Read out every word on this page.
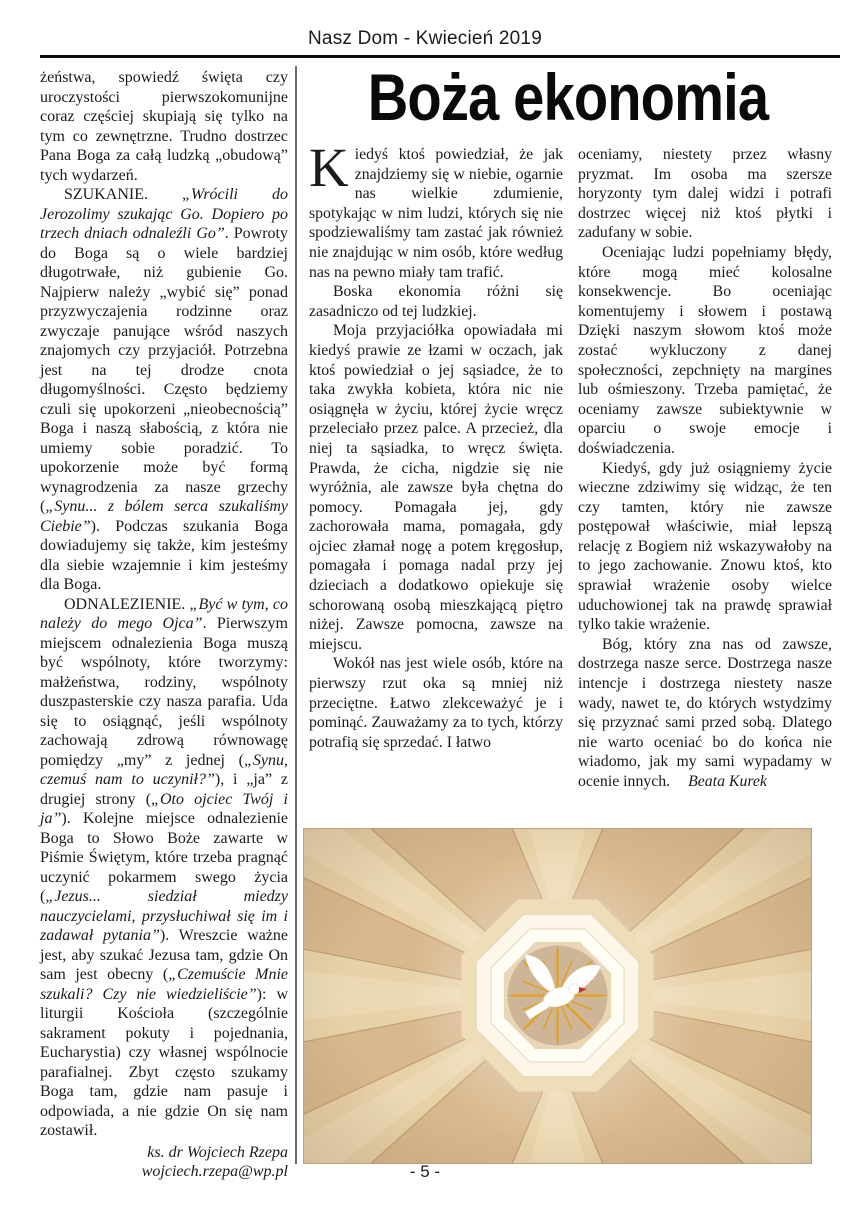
Nasz Dom - Kwiecień 2019
Boża ekonomia

żeństwa, spowiedź święta czy uroczystości pierwszokomunijne coraz częściej skupiają się tylko na tym co zewnętrzne. Trudno dostrzec Pana Boga za całą ludzką „obudową” tych wydarzeń.

SZUKANIE. „Wrócili do Jerozolimy szukając Go. Dopiero po trzech dniach odnaleźli Go”. Powroty do Boga są o wiele bardziej długotrwałe, niż gubienie Go. Najpierw należy „wybić się” ponad przyzwyczajenia rodzinne oraz zwyczaje panujące wśród naszych znajomych czy przyjaciół. Potrzebna jest na tej drodze cnota długomyślności. Często będziemy czuli się upokorzeni „nieobecnością” Boga i naszą słabością, z która nie umiemy sobie poradzić. To upokorzenie może być formą wynagrodzenia za nasze grzechy („Synu... z bólem serca szukaliśmy Ciebie”). Podczas szukania Boga dowiadujemy się także, kim jesteśmy dla siebie wzajemnie i kim jesteśmy dla Boga.

ODNALEZIENIE. „Być w tym, co należy do mego Ojca”. Pierwszym miejscem odnalezienia Boga muszą być wspólnoty, które tworzymy: małżeństwa, rodziny, wspólnoty duszpasterskie czy nasza parafia. Uda się to osiągnąć, jeśli wspólnoty zachowają zdrową równowagę pomiędzy „my” z jednej („Synu, czemuś nam to uczynił?”), i „ja” z drugiej strony („Oto ojciec Twój i ja”). Kolejne miejsce odnalezienie Boga to Słowo Boże zawarte w Piśmie Świętym, które trzeba pragnąć uczynić pokarmem swego życia („Jezus... siedział miedzy nauczycielami, przysłuchiwał się im i zadawał pytania”). Wreszcie ważne jest, aby szukać Jezusa tam, gdzie On sam jest obecny („Czemuście Mnie szukali? Czy nie wiedzieliście”): w liturgii Kościoła (szczególnie sakrament pokuty i pojednania, Eucharystia) czy własnej wspólnocie parafialnej. Zbyt często szukamy Boga tam, gdzie nam pasuje i odpowiada, a nie gdzie On się nam zostawił.

ks. dr Wojciech Rzepa
wojciech.rzepa@wp.pl

Kiedyś ktoś powiedział, że jak znajdziemy się w niebie, ogarnie nas wielkie zdumienie, spotykając w nim ludzi, których się nie spodziewaliśmy tam zastać jak również nie znajdując w nim osób, które według nas na pewno miały tam trafić.

Boska ekonomia różni się zasadniczo od tej ludzkiej.

Moja przyjaciółka opowiadała mi kiedyś prawie ze łzami w oczach, jak ktoś powiedział o jej sąsiadce, że to taka zwykła kobieta, która nic nie osiągnęła w życiu, której życie wręcz przeleciało przez palce. A przecież, dla niej ta sąsiadka, to wręcz święta. Prawda, że cicha, nigdzie się nie wyróżnia, ale zawsze była chętna do pomocy. Pomagała jej, gdy zachorowała mama, pomagała, gdy ojciec złamał nogę a potem kręgosłup, pomagała i pomaga nadal przy jej dzieciach a dodatkowo opiekuje się schorowaną osobą mieszkającą piętro niżej. Zawsze pomocna, zawsze na miejscu.

Wokół nas jest wiele osób, które na pierwszy rzut oka są mniej niż przeciętne. Łatwo zlekceważyć je i pominąć. Zauważamy za to tych, którzy potrafią się sprzedać. I łatwo

oceniamy, niestety przez własny pryzmat. Im osoba ma szersze horyzonty tym dalej widzi i potrafi dostrzec więcej niż ktoś płytki i zadufany w sobie.

Oceniając ludzi popełniamy błędy, które mogą mieć kolosalne konsekwencje. Bo oceniając komentujemy i słowem i postawą Dzięki naszym słowom ktoś może zostać wykluczony z danej społeczności, zepchnięty na margines lub ośmieszony. Trzeba pamiętać, że oceniamy zawsze subiektywnie w oparciu o swoje emocje i doświadczenia.

Kiedyś, gdy już osiągniemy życie wieczne zdziwimy się widząc, że ten czy tamten, który nie zawsze postępował właściwie, miał lepszą relację z Bogiem niż wskazywałoby na to jego zachowanie. Znowu ktoś, kto sprawiał wrażenie osoby wielce uduchowionej tak na prawdę sprawiał tylko takie wrażenie.

Bóg, który zna nas od zawsze, dostrzega nasze serce. Dostrzega nasze intencje i dostrzega niestety nasze wady, nawet te, do których wstydzimy się przyznać sami przed sobą. Dlatego nie warto oceniać bo do końca nie wiadomo, jak my sami wypadamy w ocenie innych. Beata Kurek

- 5 -
